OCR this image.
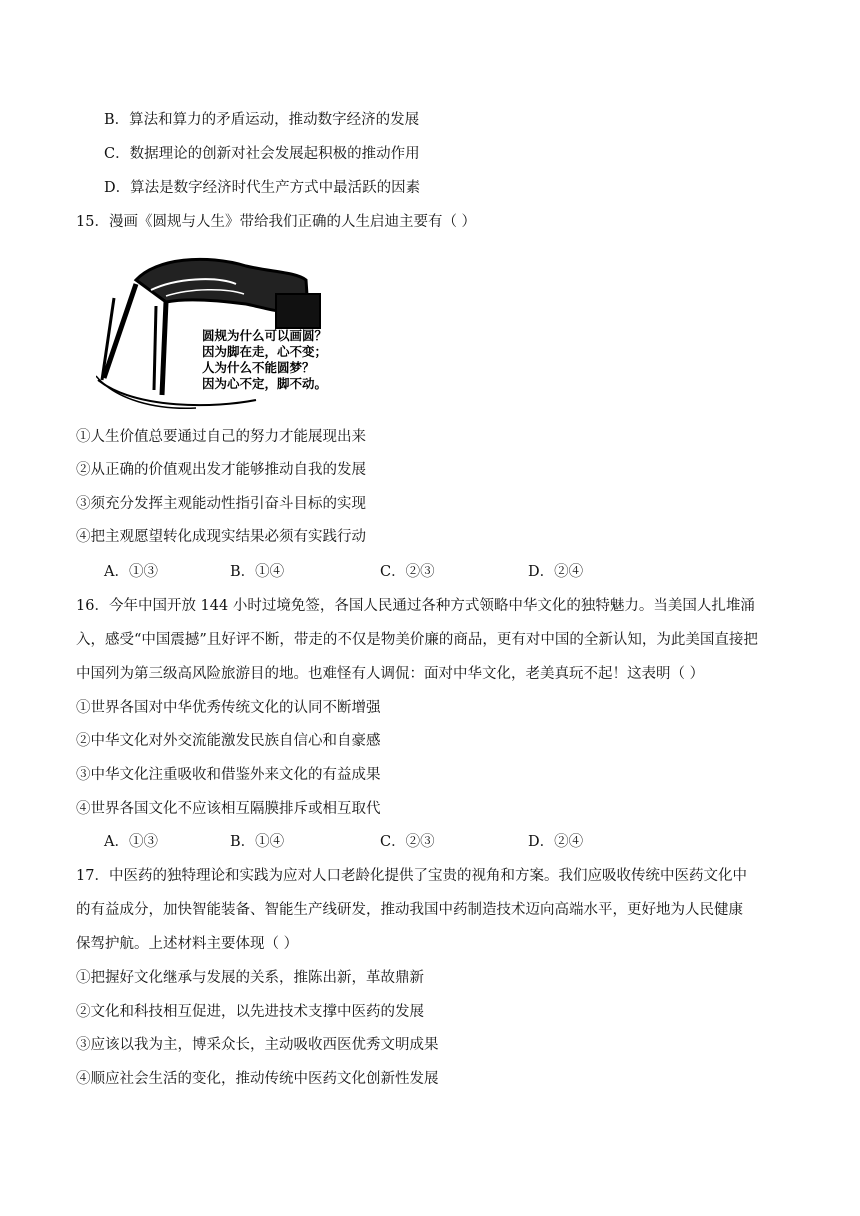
B．算法和算力的矛盾运动，推动数字经济的发展
C．数据理论的创新对社会发展起积极的推动作用
D．算法是数字经济时代生产方式中最活跃的因素
15．漫画《圆规与人生》带给我们正确的人生启迪主要有（ ）
圆规为什么可以画圆？
因为脚在走，心不变；
人为什么不能圆梦？
因为心不定，脚不动。
①人生价值总要通过自己的努力才能展现出来
②从正确的价值观出发才能够推动自我的发展
③须充分发挥主观能动性指引奋斗目标的实现
④把主观愿望转化成现实结果必须有实践行动
A．①③	B．①④	C．②③	D．②④
16．今年中国开放 144 小时过境免签，各国人民通过各种方式领略中华文化的独特魅力。当美国人扎堆涌
入，感受“中国震撼”且好评不断，带走的不仅是物美价廉的商品，更有对中国的全新认知，为此美国直接把
中国列为第三级高风险旅游目的地。也难怪有人调侃：面对中华文化，老美真玩不起！这表明（ ）
①世界各国对中华优秀传统文化的认同不断增强
②中华文化对外交流能激发民族自信心和自豪感
③中华文化注重吸收和借鉴外来文化的有益成果
④世界各国文化不应该相互隔膜排斥或相互取代
A．①③	B．①④	C．②③	D．②④
17．中医药的独特理论和实践为应对人口老龄化提供了宝贵的视角和方案。我们应吸收传统中医药文化中
的有益成分，加快智能装备、智能生产线研发，推动我国中药制造技术迈向高端水平，更好地为人民健康
保驾护航。上述材料主要体现（ ）
①把握好文化继承与发展的关系，推陈出新，革故鼎新
②文化和科技相互促进，以先进技术支撑中医药的发展
③应该以我为主，博采众长，主动吸收西医优秀文明成果
④顺应社会生活的变化，推动传统中医药文化创新性发展
